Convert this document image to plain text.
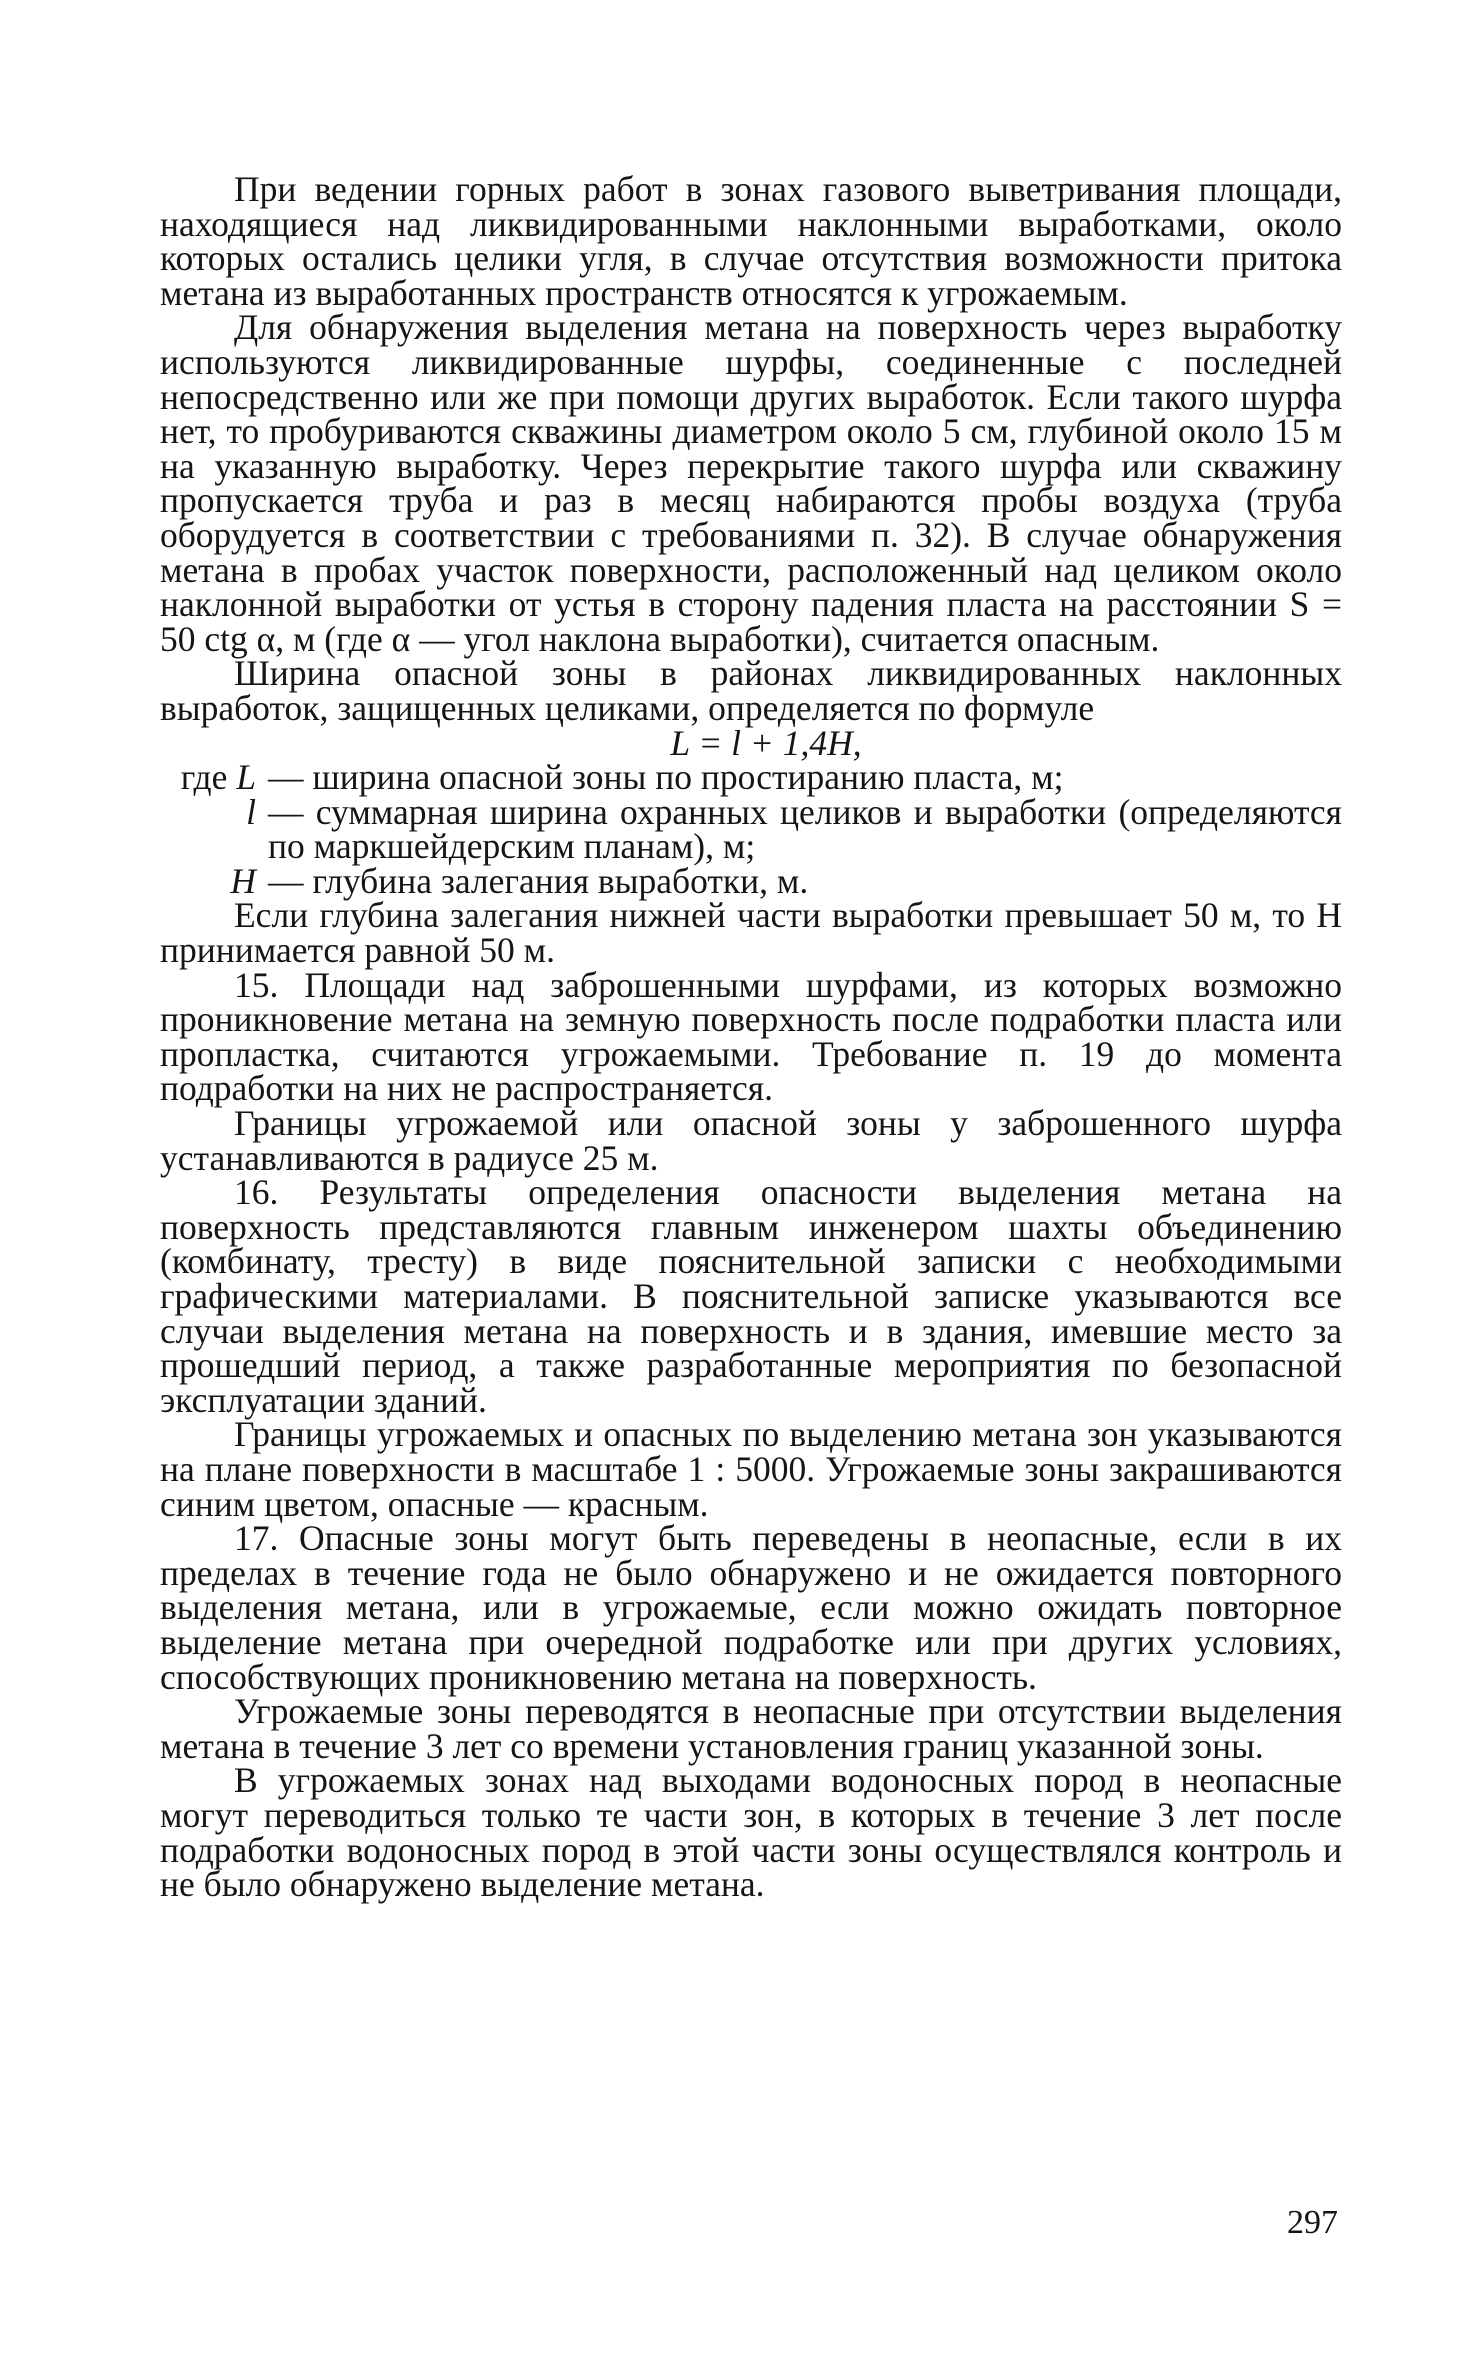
При ведении горных работ в зонах газового выветривания площади, находящиеся над ликвидированными наклонными выработками, около которых остались целики угля, в случае отсутствия возможности притока метана из выработанных пространств относятся к угрожаемым.

Для обнаружения выделения метана на поверхность через выработку используются ликвидированные шурфы, соединенные с последней непосредственно или же при помощи других выработок. Если такого шурфа нет, то пробуриваются скважины диаметром около 5 см, глубиной около 15 м на указанную выработку. Через перекрытие такого шурфа или скважину пропускается труба и раз в месяц набираются пробы воздуха (труба оборудуется в соответствии с требованиями п. 32). В случае обнаружения метана в пробах участок поверхности, расположенный над целиком около наклонной выработки от устья в сторону падения пласта на расстоянии S = 50 ctg α, м (где α — угол наклона выработки), считается опасным.

Ширина опасной зоны в районах ликвидированных наклонных выработок, защищенных целиками, определяется по формуле

L = l + 1,4H,
где L — ширина опасной зоны по простиранию пласта, м;
l — суммарная ширина охранных целиков и выработки (определяются по маркшейдерским планам), м;
H — глубина залегания выработки, м.

Если глубина залегания нижней части выработки превышает 50 м, то H принимается равной 50 м.

15. Площади над заброшенными шурфами, из которых возможно проникновение метана на земную поверхность после подработки пласта или пропластка, считаются угрожаемыми. Требование п. 19 до момента подработки на них не распространяется.

Границы угрожаемой или опасной зоны у заброшенного шурфа устанавливаются в радиусе 25 м.

16. Результаты определения опасности выделения метана на поверхность представляются главным инженером шахты объединению (комбинату, тресту) в виде пояснительной записки с необходимыми графическими материалами. В пояснительной записке указываются все случаи выделения метана на поверхность и в здания, имевшие место за прошедший период, а также разработанные мероприятия по безопасной эксплуатации зданий.

Границы угрожаемых и опасных по выделению метана зон указываются на плане поверхности в масштабе 1 : 5000. Угрожаемые зоны закрашиваются синим цветом, опасные — красным.

17. Опасные зоны могут быть переведены в неопасные, если в их пределах в течение года не было обнаружено и не ожидается повторного выделения метана, или в угрожаемые, если можно ожидать повторное выделение метана при очередной подработке или при других условиях, способствующих проникновению метана на поверхность.

Угрожаемые зоны переводятся в неопасные при отсутствии выделения метана в течение 3 лет со времени установления границ указанной зоны.

В угрожаемых зонах над выходами водоносных пород в неопасные могут переводиться только те части зон, в которых в течение 3 лет после подработки водоносных пород в этой части зоны осуществлялся контроль и не было обнаружено выделение метана.

297
